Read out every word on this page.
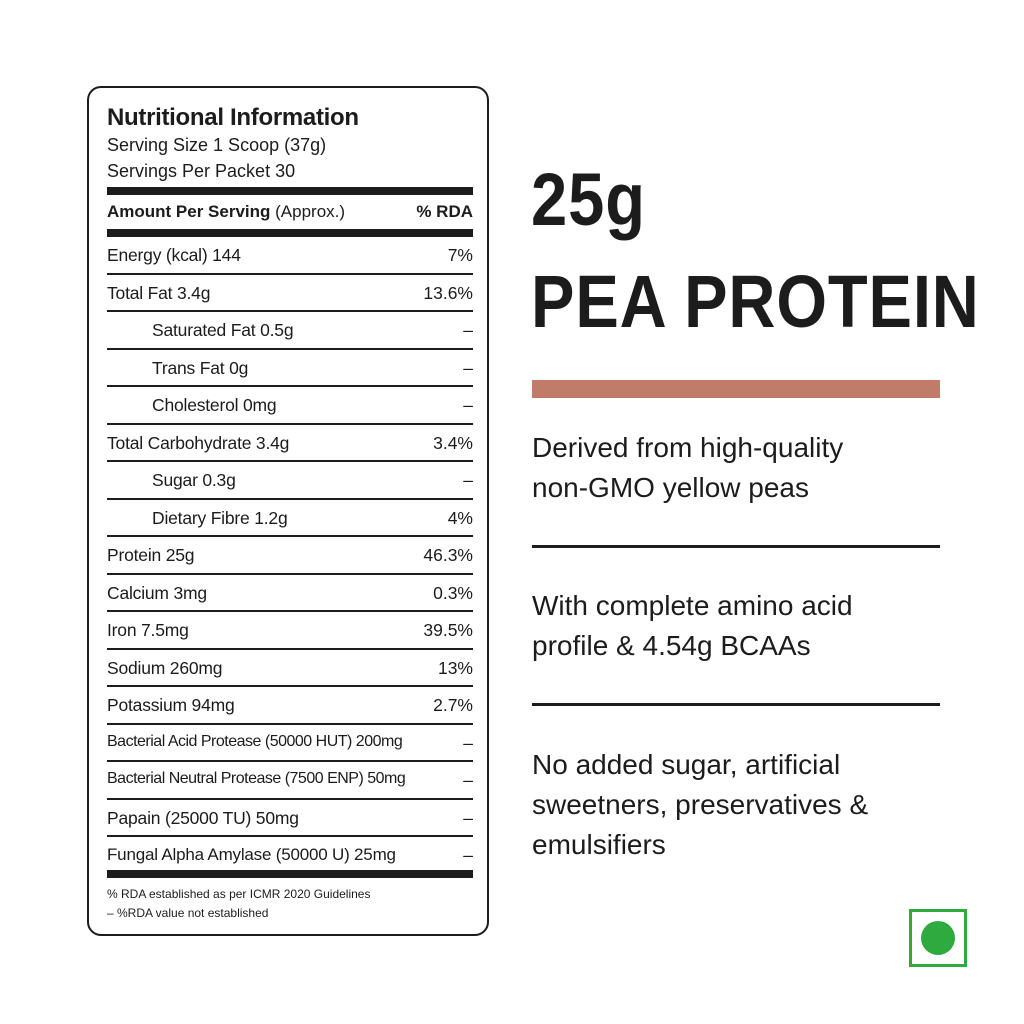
Nutritional Information
Serving Size 1 Scoop (37g)
Servings Per Packet 30
Amount Per Serving (Approx.)	% RDA
Energy (kcal) 144	7%
Total Fat 3.4g	13.6%
Saturated Fat 0.5g	–
Trans Fat 0g	–
Cholesterol 0mg	–
Total Carbohydrate 3.4g	3.4%
Sugar 0.3g	–
Dietary Fibre 1.2g	4%
Protein 25g	46.3%
Calcium 3mg	0.3%
Iron 7.5mg	39.5%
Sodium 260mg	13%
Potassium 94mg	2.7%
Bacterial Acid Protease (50000 HUT) 200mg	–
Bacterial Neutral Protease (7500 ENP) 50mg	–
Papain (25000 TU) 50mg	–
Fungal Alpha Amylase (50000 U) 25mg	–
% RDA established as per ICMR 2020 Guidelines
– %RDA value not established
25g
PEA PROTEIN
Derived from high-quality
non-GMO yellow peas
With complete amino acid
profile & 4.54g BCAAs
No added sugar, artificial
sweetners, preservatives &
emulsifiers
